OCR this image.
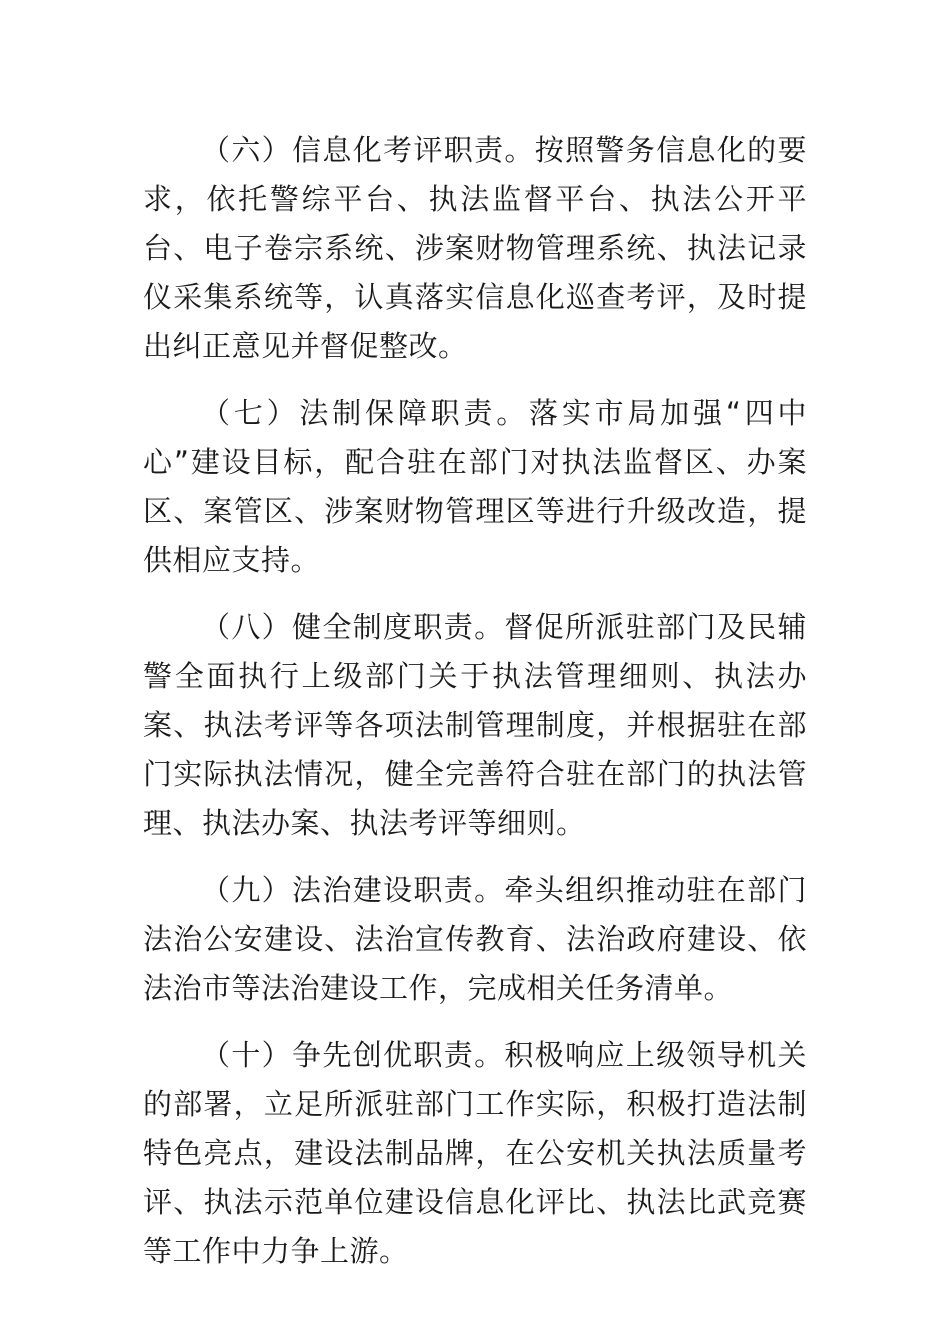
（六）信息化考评职责。按照警务信息化的要求，依托警综平台、执法监督平台、执法公开平台、电子卷宗系统、涉案财物管理系统、执法记录仪采集系统等，认真落实信息化巡查考评，及时提出纠正意见并督促整改。

（七）法制保障职责。落实市局加强“四中心”建设目标，配合驻在部门对执法监督区、办案区、案管区、涉案财物管理区等进行升级改造，提供相应支持。

（八）健全制度职责。督促所派驻部门及民辅警全面执行上级部门关于执法管理细则、执法办案、执法考评等各项法制管理制度，并根据驻在部门实际执法情况，健全完善符合驻在部门的执法管理、执法办案、执法考评等细则。

（九）法治建设职责。牵头组织推动驻在部门法治公安建设、法治宣传教育、法治政府建设、依法治市等法治建设工作，完成相关任务清单。

（十）争先创优职责。积极响应上级领导机关的部署，立足所派驻部门工作实际，积极打造法制特色亮点，建设法制品牌，在公安机关执法质量考评、执法示范单位建设信息化评比、执法比武竞赛等工作中力争上游。
